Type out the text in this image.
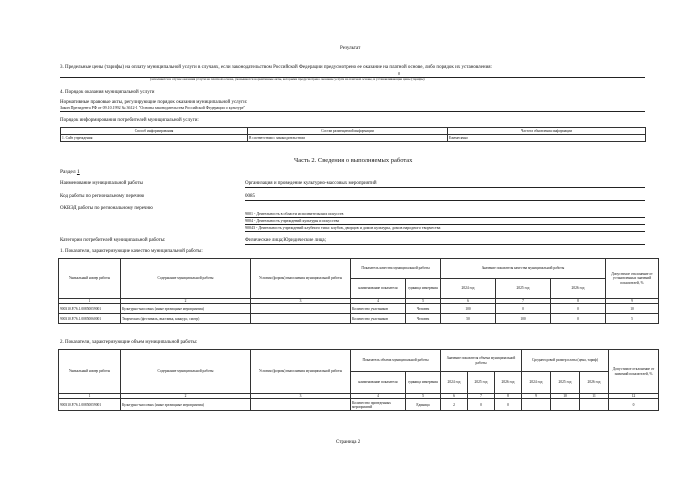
Результат
3. Предельные цены (тарифы) на оплату муниципальной услуги в случаях, если законодательством Российской Федерации предусмотрено ее оказание на платной основе, либо порядок их установления:
0
(заполняется в случае оказания услуги на платной основе, указываются нормативные акты, которыми предусмотрено оказание услуги на платной основе, и устанавливающие цены (тарифы)
4. Порядок оказания муниципальной услуги
Нормативные правовые акты, регулирующие порядок оказания муниципальной услуги:
Закон Президента РФ от 09.10.1992 № 3612-1 "Основы законодательства Российской Федерации о культуре"
Порядок информирования потребителей муниципальной услуги:
Способ информирования	Состав размещаемой информации	Частота обновления информации
1. Сайт учреждения	В соответствии с законодательством	Ежемесячно
Часть 2. Сведения о выполняемых работах
Раздел 1
Наименование муниципальной работы	Организация и проведение культурно-массовых мероприятий
Код работы по региональному перечню	0085
ОКВЭД работы по региональному перечню
9001 - Деятельность в области исполнительских искусств
9004 - Деятельность учреждений культуры и искусства
90043 - Деятельность учреждений клубного типа: клубов, дворцов и домов культуры, домов народного творчества
Категории потребителей муниципальной работы:	Физические лица;Юридические лица;
1. Показатели, характеризующие качество муниципальной работы:
Уникальный номер работы	Содержание муниципальной работы	Условия (формы) выполнения муниципальной работы	Показатель качества муниципальной работы		Значение показателя качества муниципальной работы			Допустимое отклонение от установленных значений показателей, %
			наименование показателя	единица измерения	2024 год	2025 год	2026 год	
1	2	3	4	5	6	7	8	9
900310.Р.76.1.00850059001	Культурно-массовых (иные зрелищные мероприятия)		Количество участников	Человек	100	0	0	10
900310.Р.76.1.00850060001	Творческих (фестиваль, выставка, конкурс, смотр)		Количество участников	Человек	50	100	0	5
2. Показатели, характеризующие объем муниципальной работы:
Уникальный номер работы	Содержание муниципальной работы	Условия (формы) выполнения муниципальной работы	Показатель объема муниципальной работы		Значение показателя объема муниципальной работы			Среднегодовой размер платы (цена, тариф)			Допустимое отклонение от значений показателей, %
			наименование показателя	единица измерения	2024 год	2025 год	2026 год	2024 год	2025 год	2026 год	
1	2	3	4	5	6	7	8	9	10	11	12
900310.Р.76.1.00850059001	Культурно-массовых (иные зрелищные мероприятия)		Количество проведенных мероприятий	Единица	2	0	0				0
Страница 2
